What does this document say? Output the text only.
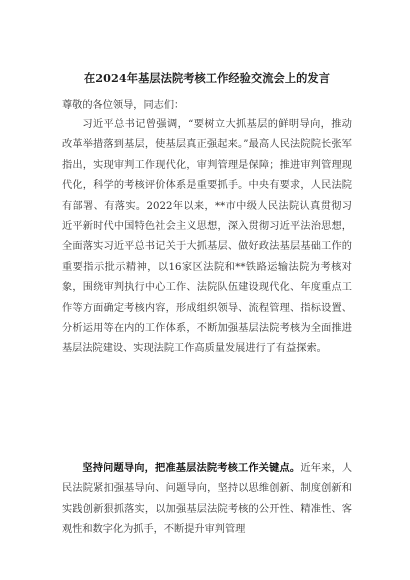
在2024年基层法院考核工作经验交流会上的发言
尊敬的各位领导，同志们：
习近平总书记曾强调，“要树立大抓基层的鲜明导向，推动改革举措落到基层，使基层真正强起来。”最高人民法院院长张军指出，实现审判工作现代化，审判管理是保障；推进审判管理现代化，科学的考核评价体系是重要抓手。中央有要求，人民法院有部署、有落实。2022年以来，**市中级人民法院认真贯彻习近平新时代中国特色社会主义思想，深入贯彻习近平法治思想，全面落实习近平总书记关于大抓基层、做好政法基层基础工作的重要指示批示精神，以16家区法院和**铁路运输法院为考核对象，围绕审判执行中心工作、法院队伍建设现代化、年度重点工作等方面确定考核内容，形成组织领导、流程管理、指标设置、分析运用等在内的工作体系，不断加强基层法院考核为全面推进基层法院建设、实现法院工作高质量发展进行了有益探索。
坚持问题导向，把准基层法院考核工作关键点。近年来，人民法院紧扣强基导向、问题导向，坚持以思维创新、制度创新和实践创新狠抓落实，以加强基层法院考核的公开性、精准性、客观性和数字化为抓手，不断提升审判管理
